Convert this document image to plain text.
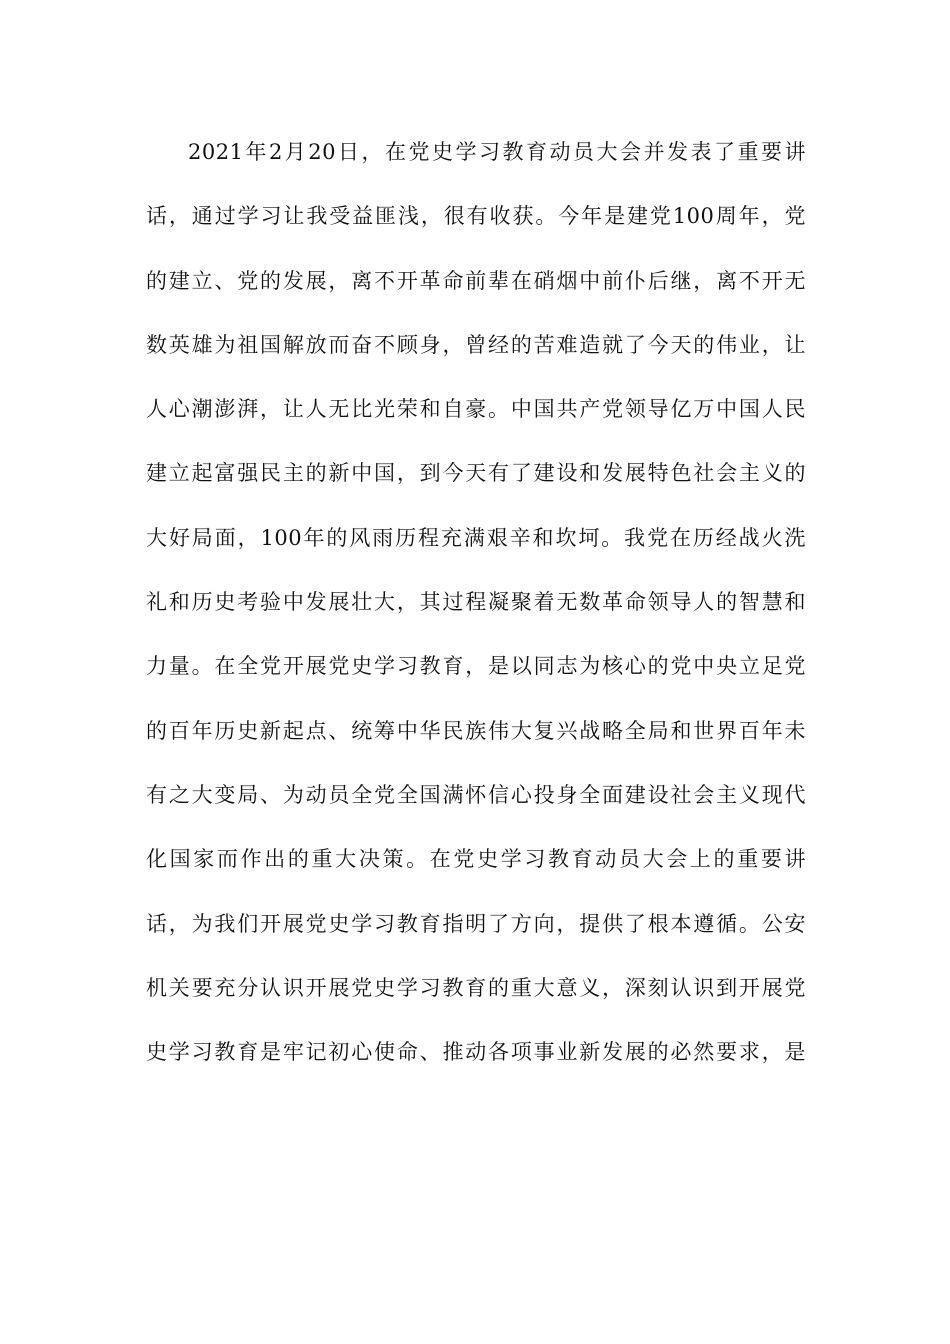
2021年2月20日，在党史学习教育动员大会并发表了重要讲
话，通过学习让我受益匪浅，很有收获。今年是建党100周年，党
的建立、党的发展，离不开革命前辈在硝烟中前仆后继，离不开无
数英雄为祖国解放而奋不顾身，曾经的苦难造就了今天的伟业，让
人心潮澎湃，让人无比光荣和自豪。中国共产党领导亿万中国人民
建立起富强民主的新中国，到今天有了建设和发展特色社会主义的
大好局面，100年的风雨历程充满艰辛和坎坷。我党在历经战火洗
礼和历史考验中发展壮大，其过程凝聚着无数革命领导人的智慧和
力量。在全党开展党史学习教育，是以同志为核心的党中央立足党
的百年历史新起点、统筹中华民族伟大复兴战略全局和世界百年未
有之大变局、为动员全党全国满怀信心投身全面建设社会主义现代
化国家而作出的重大决策。在党史学习教育动员大会上的重要讲
话，为我们开展党史学习教育指明了方向，提供了根本遵循。公安
机关要充分认识开展党史学习教育的重大意义，深刻认识到开展党
史学习教育是牢记初心使命、推动各项事业新发展的必然要求，是
